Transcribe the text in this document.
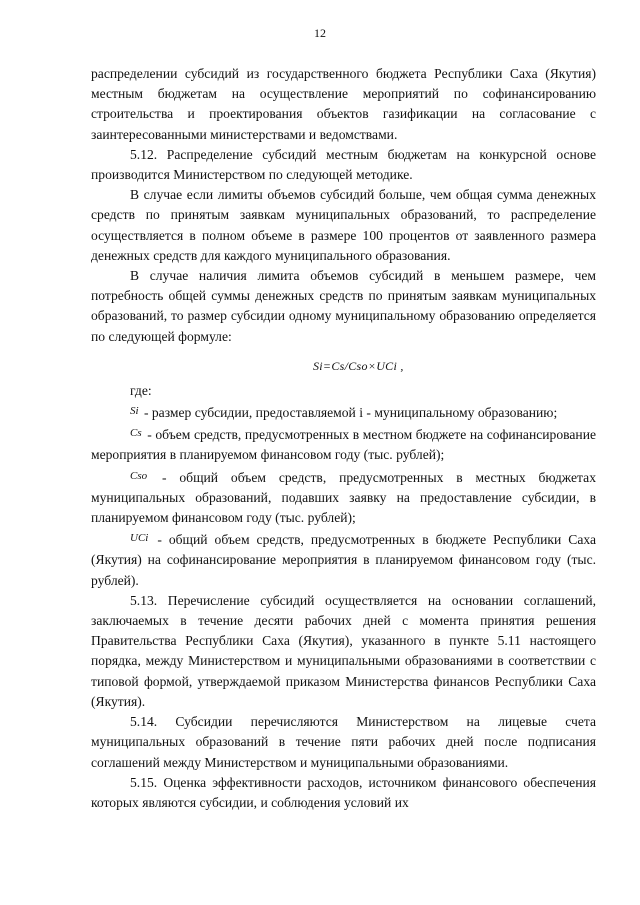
12

распределении субсидий из государственного бюджета Республики Саха (Якутия) местным бюджетам на осуществление мероприятий по софинансированию строительства и проектирования объектов газификации на согласование с заинтересованными министерствами и ведомствами.

5.12. Распределение субсидий местным бюджетам на конкурсной основе производится Министерством по следующей методике.

В случае если лимиты объемов субсидий больше, чем общая сумма денежных средств по принятым заявкам муниципальных образований, то распределение осуществляется в полном объеме в размере 100 процентов от заявленного размера денежных средств для каждого муниципального образования.

В случае наличия лимита объемов субсидий в меньшем размере, чем потребность общей суммы денежных средств по принятым заявкам муниципальных образований, то размер субсидии одному муниципальному образованию определяется по следующей формуле:

Si=Cs/Cso×UCi ,

где:

$^{Si}$ - размер субсидии, предоставляемой i - муниципальному образованию;

$^{Cs}$ - объем средств, предусмотренных в местном бюджете на софинансирование мероприятия в планируемом финансовом году (тыс. рублей);

$^{Cso}$ - общий объем средств, предусмотренных в местных бюджетах муниципальных образований, подавших заявку на предоставление субсидии, в планируемом финансовом году (тыс. рублей);

$^{UCi}$ - общий объем средств, предусмотренных в бюджете Республики Саха (Якутия) на софинансирование мероприятия в планируемом финансовом году (тыс. рублей).

5.13. Перечисление субсидий осуществляется на основании соглашений, заключаемых в течение десяти рабочих дней с момента принятия решения Правительства Республики Саха (Якутия), указанного в пункте 5.11 настоящего порядка, между Министерством и муниципальными образованиями в соответствии с типовой формой, утверждаемой приказом Министерства финансов Республики Саха (Якутия).

5.14. Субсидии перечисляются Министерством на лицевые счета муниципальных образований в течение пяти рабочих дней после подписания соглашений между Министерством и муниципальными образованиями.

5.15. Оценка эффективности расходов, источником финансового обеспечения которых являются субсидии, и соблюдения условий их
